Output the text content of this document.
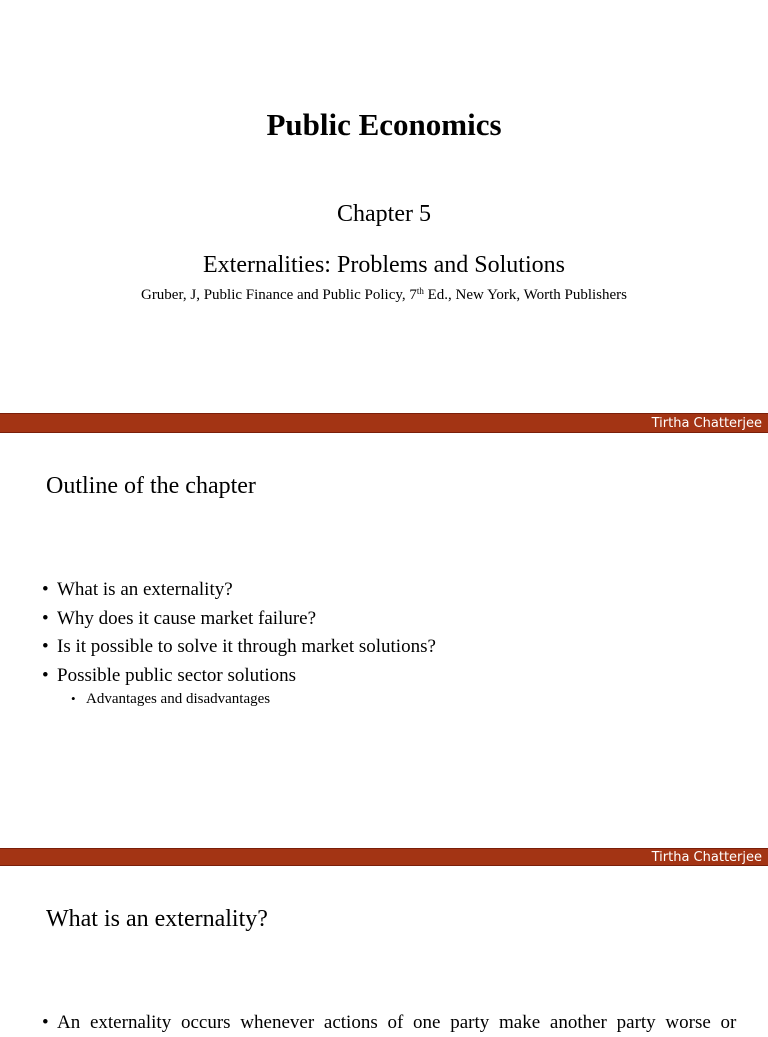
Public Economics
Chapter 5
Externalities: Problems and Solutions
Gruber, J, Public Finance and Public Policy, 7th Ed., New York, Worth Publishers
Tirtha Chatterjee
Outline of the chapter
• What is an externality?
• Why does it cause market failure?
• Is it possible to solve it through market solutions?
• Possible public sector solutions
• Advantages and disadvantages
Tirtha Chatterjee
What is an externality?
• An externality occurs whenever actions of one party make another party worse or
